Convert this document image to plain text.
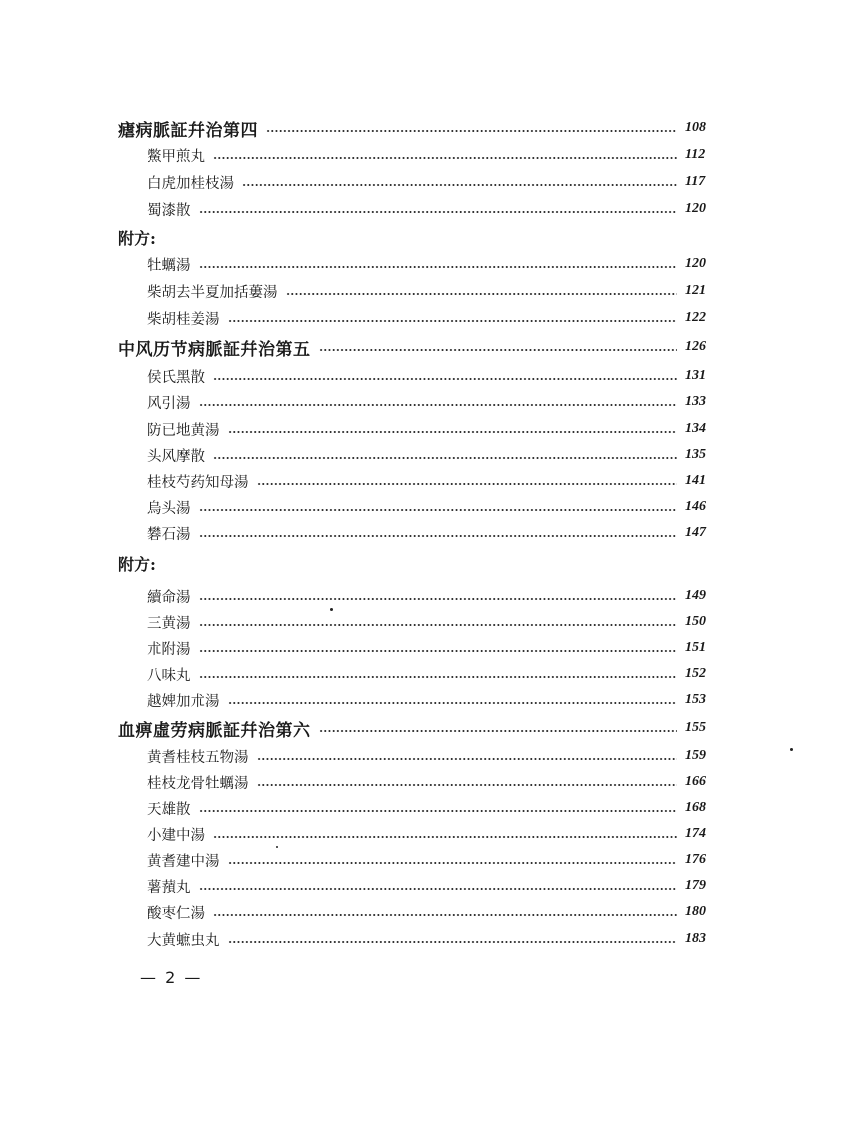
瘧病脈証幷治第四	108
鱉甲煎丸	112
白虎加桂枝湯	117
蜀漆散	120
附方:
牡蠣湯	120
柴胡去半夏加括蔞湯	121
柴胡桂姜湯	122
中风历节病脈証幷治第五	126
侯氏黑散	131
风引湯	133
防已地黄湯	134
头风摩散	135
桂枝芍药知母湯	141
烏头湯	146
礬石湯	147
附方:
續命湯	149
三黄湯	150
朮附湯	151
八味丸	152
越婢加朮湯	153
血痹虛劳病脈証幷治第六	155
黄耆桂枝五物湯	159
桂枝龙骨牡蠣湯	166
天雄散	168
小建中湯	174
黄耆建中湯	176
薯蕷丸	179
酸枣仁湯	180
大黄蟅虫丸	183
— 2 —
